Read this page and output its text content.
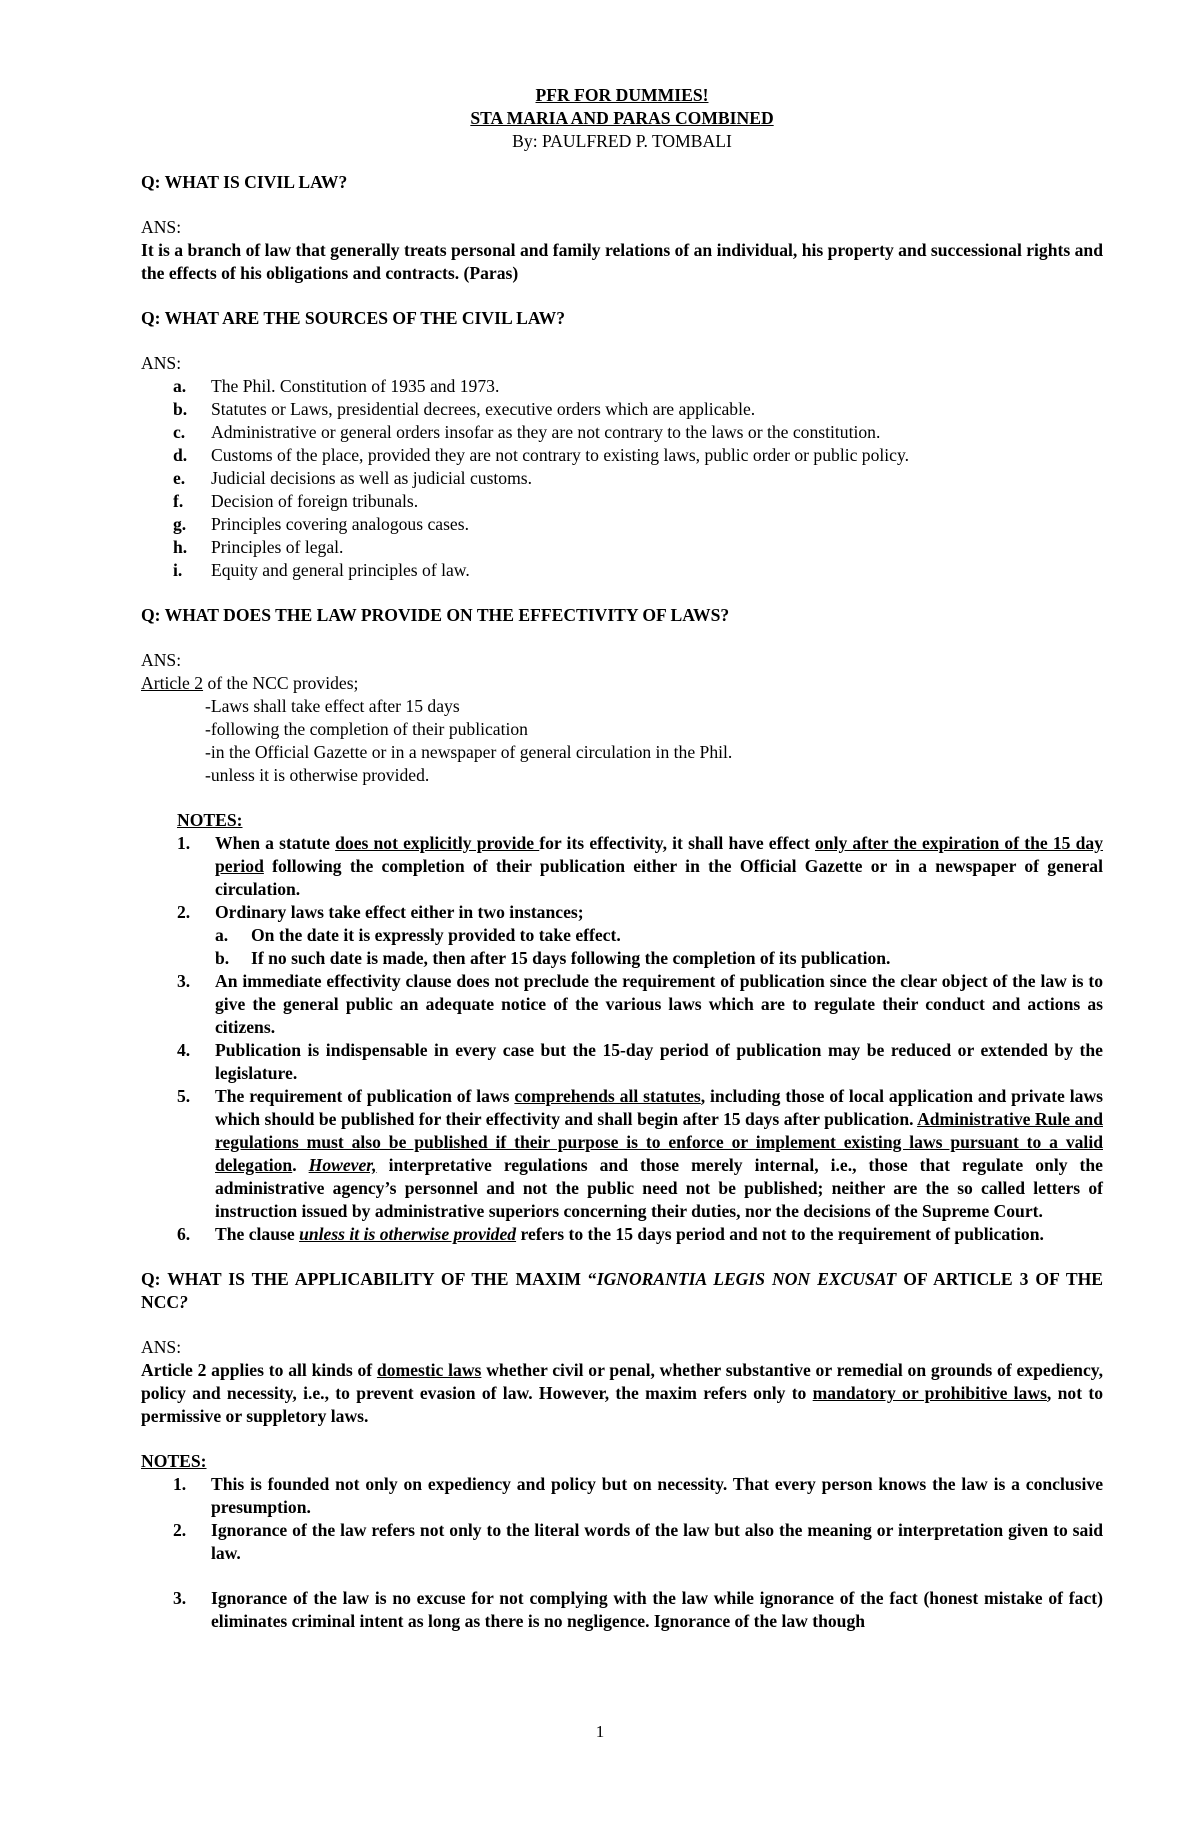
PFR FOR DUMMIES!
STA MARIA AND PARAS COMBINED
By: PAULFRED P. TOMBALI
Q: WHAT IS CIVIL LAW?
ANS:
It is a branch of law that generally treats personal and family relations of an individual, his property and successional rights and the effects of his obligations and contracts. (Paras)
Q: WHAT ARE THE SOURCES OF THE CIVIL LAW?
ANS:
a. The Phil. Constitution of 1935 and 1973.
b. Statutes or Laws, presidential decrees, executive orders which are applicable.
c. Administrative or general orders insofar as they are not contrary to the laws or the constitution.
d. Customs of the place, provided they are not contrary to existing laws, public order or public policy.
e. Judicial decisions as well as judicial customs.
f. Decision of foreign tribunals.
g. Principles covering analogous cases.
h. Principles of legal.
i. Equity and general principles of law.
Q: WHAT DOES THE LAW PROVIDE ON THE EFFECTIVITY OF LAWS?
ANS:
Article 2 of the NCC provides;
-Laws shall take effect after 15 days
-following the completion of their publication
-in the Official Gazette or in a newspaper of general circulation in the Phil.
-unless it is otherwise provided.
NOTES:
1. When a statute does not explicitly provide for its effectivity, it shall have effect only after the expiration of the 15 day period following the completion of their publication either in the Official Gazette or in a newspaper of general circulation.
2. Ordinary laws take effect either in two instances;
a. On the date it is expressly provided to take effect.
b. If no such date is made, then after 15 days following the completion of its publication.
3. An immediate effectivity clause does not preclude the requirement of publication since the clear object of the law is to give the general public an adequate notice of the various laws which are to regulate their conduct and actions as citizens.
4. Publication is indispensable in every case but the 15-day period of publication may be reduced or extended by the legislature.
5. The requirement of publication of laws comprehends all statutes, including those of local application and private laws which should be published for their effectivity and shall begin after 15 days after publication. Administrative Rule and regulations must also be published if their purpose is to enforce or implement existing laws pursuant to a valid delegation. However, interpretative regulations and those merely internal, i.e., those that regulate only the administrative agency’s personnel and not the public need not be published; neither are the so called letters of instruction issued by administrative superiors concerning their duties, nor the decisions of the Supreme Court.
6. The clause unless it is otherwise provided refers to the 15 days period and not to the requirement of publication.
Q: WHAT IS THE APPLICABILITY OF THE MAXIM “IGNORANTIA LEGIS NON EXCUSAT OF ARTICLE 3 OF THE NCC?
ANS:
Article 2 applies to all kinds of domestic laws whether civil or penal, whether substantive or remedial on grounds of expediency, policy and necessity, i.e., to prevent evasion of law. However, the maxim refers only to mandatory or prohibitive laws, not to permissive or suppletory laws.
NOTES:
1. This is founded not only on expediency and policy but on necessity. That every person knows the law is a conclusive presumption.
2. Ignorance of the law refers not only to the literal words of the law but also the meaning or interpretation given to said law.
3. Ignorance of the law is no excuse for not complying with the law while ignorance of the fact (honest mistake of fact) eliminates criminal intent as long as there is no negligence. Ignorance of the law though
1
